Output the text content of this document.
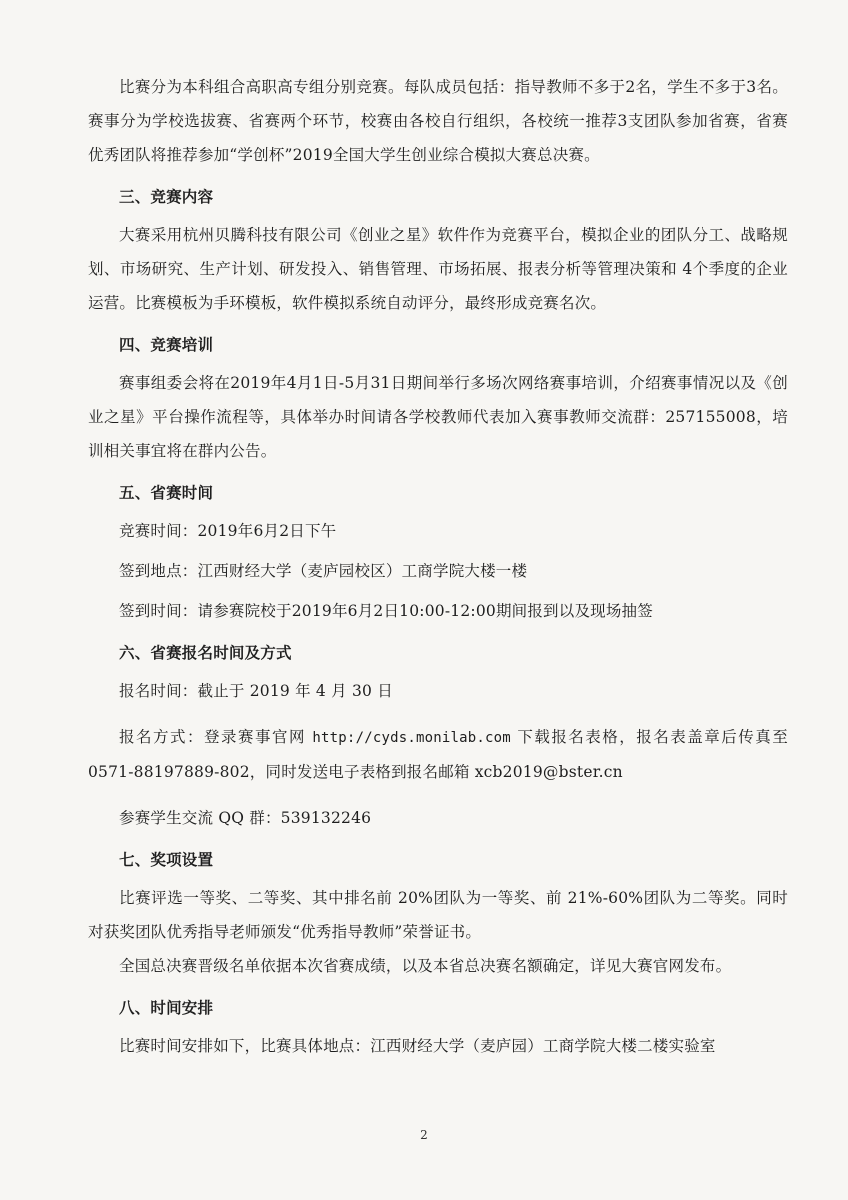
比赛分为本科组合高职高专组分别竞赛。每队成员包括：指导教师不多于2名，学生不多于3名。赛事分为学校选拔赛、省赛两个环节，校赛由各校自行组织，各校统一推荐3支团队参加省赛，省赛优秀团队将推荐参加“学创杯”2019全国大学生创业综合模拟大赛总决赛。

三、竞赛内容

大赛采用杭州贝腾科技有限公司《创业之星》软件作为竞赛平台，模拟企业的团队分工、战略规划、市场研究、生产计划、研发投入、销售管理、市场拓展、报表分析等管理决策和 4个季度的企业运营。比赛模板为手环模板，软件模拟系统自动评分，最终形成竞赛名次。

四、竞赛培训

赛事组委会将在2019年4月1日-5月31日期间举行多场次网络赛事培训，介绍赛事情况以及《创业之星》平台操作流程等，具体举办时间请各学校教师代表加入赛事教师交流群：257155008，培训相关事宜将在群内公告。

五、省赛时间

竞赛时间：2019年6月2日下午

签到地点：江西财经大学（麦庐园校区）工商学院大楼一楼

签到时间：请参赛院校于2019年6月2日10:00-12:00期间报到以及现场抽签

六、省赛报名时间及方式

报名时间：截止于 2019 年 4 月 30 日

报名方式：登录赛事官网 http://cyds.monilab.com 下载报名表格，报名表盖章后传真至 0571-88197889-802，同时发送电子表格到报名邮箱 xcb2019@bster.cn

参赛学生交流 QQ 群：539132246

七、奖项设置

比赛评选一等奖、二等奖、其中排名前 20%团队为一等奖、前 21%-60%团队为二等奖。同时对获奖团队优秀指导老师颁发“优秀指导教师”荣誉证书。

全国总决赛晋级名单依据本次省赛成绩，以及本省总决赛名额确定，详见大赛官网发布。

八、时间安排

比赛时间安排如下，比赛具体地点：江西财经大学（麦庐园）工商学院大楼二楼实验室

2
